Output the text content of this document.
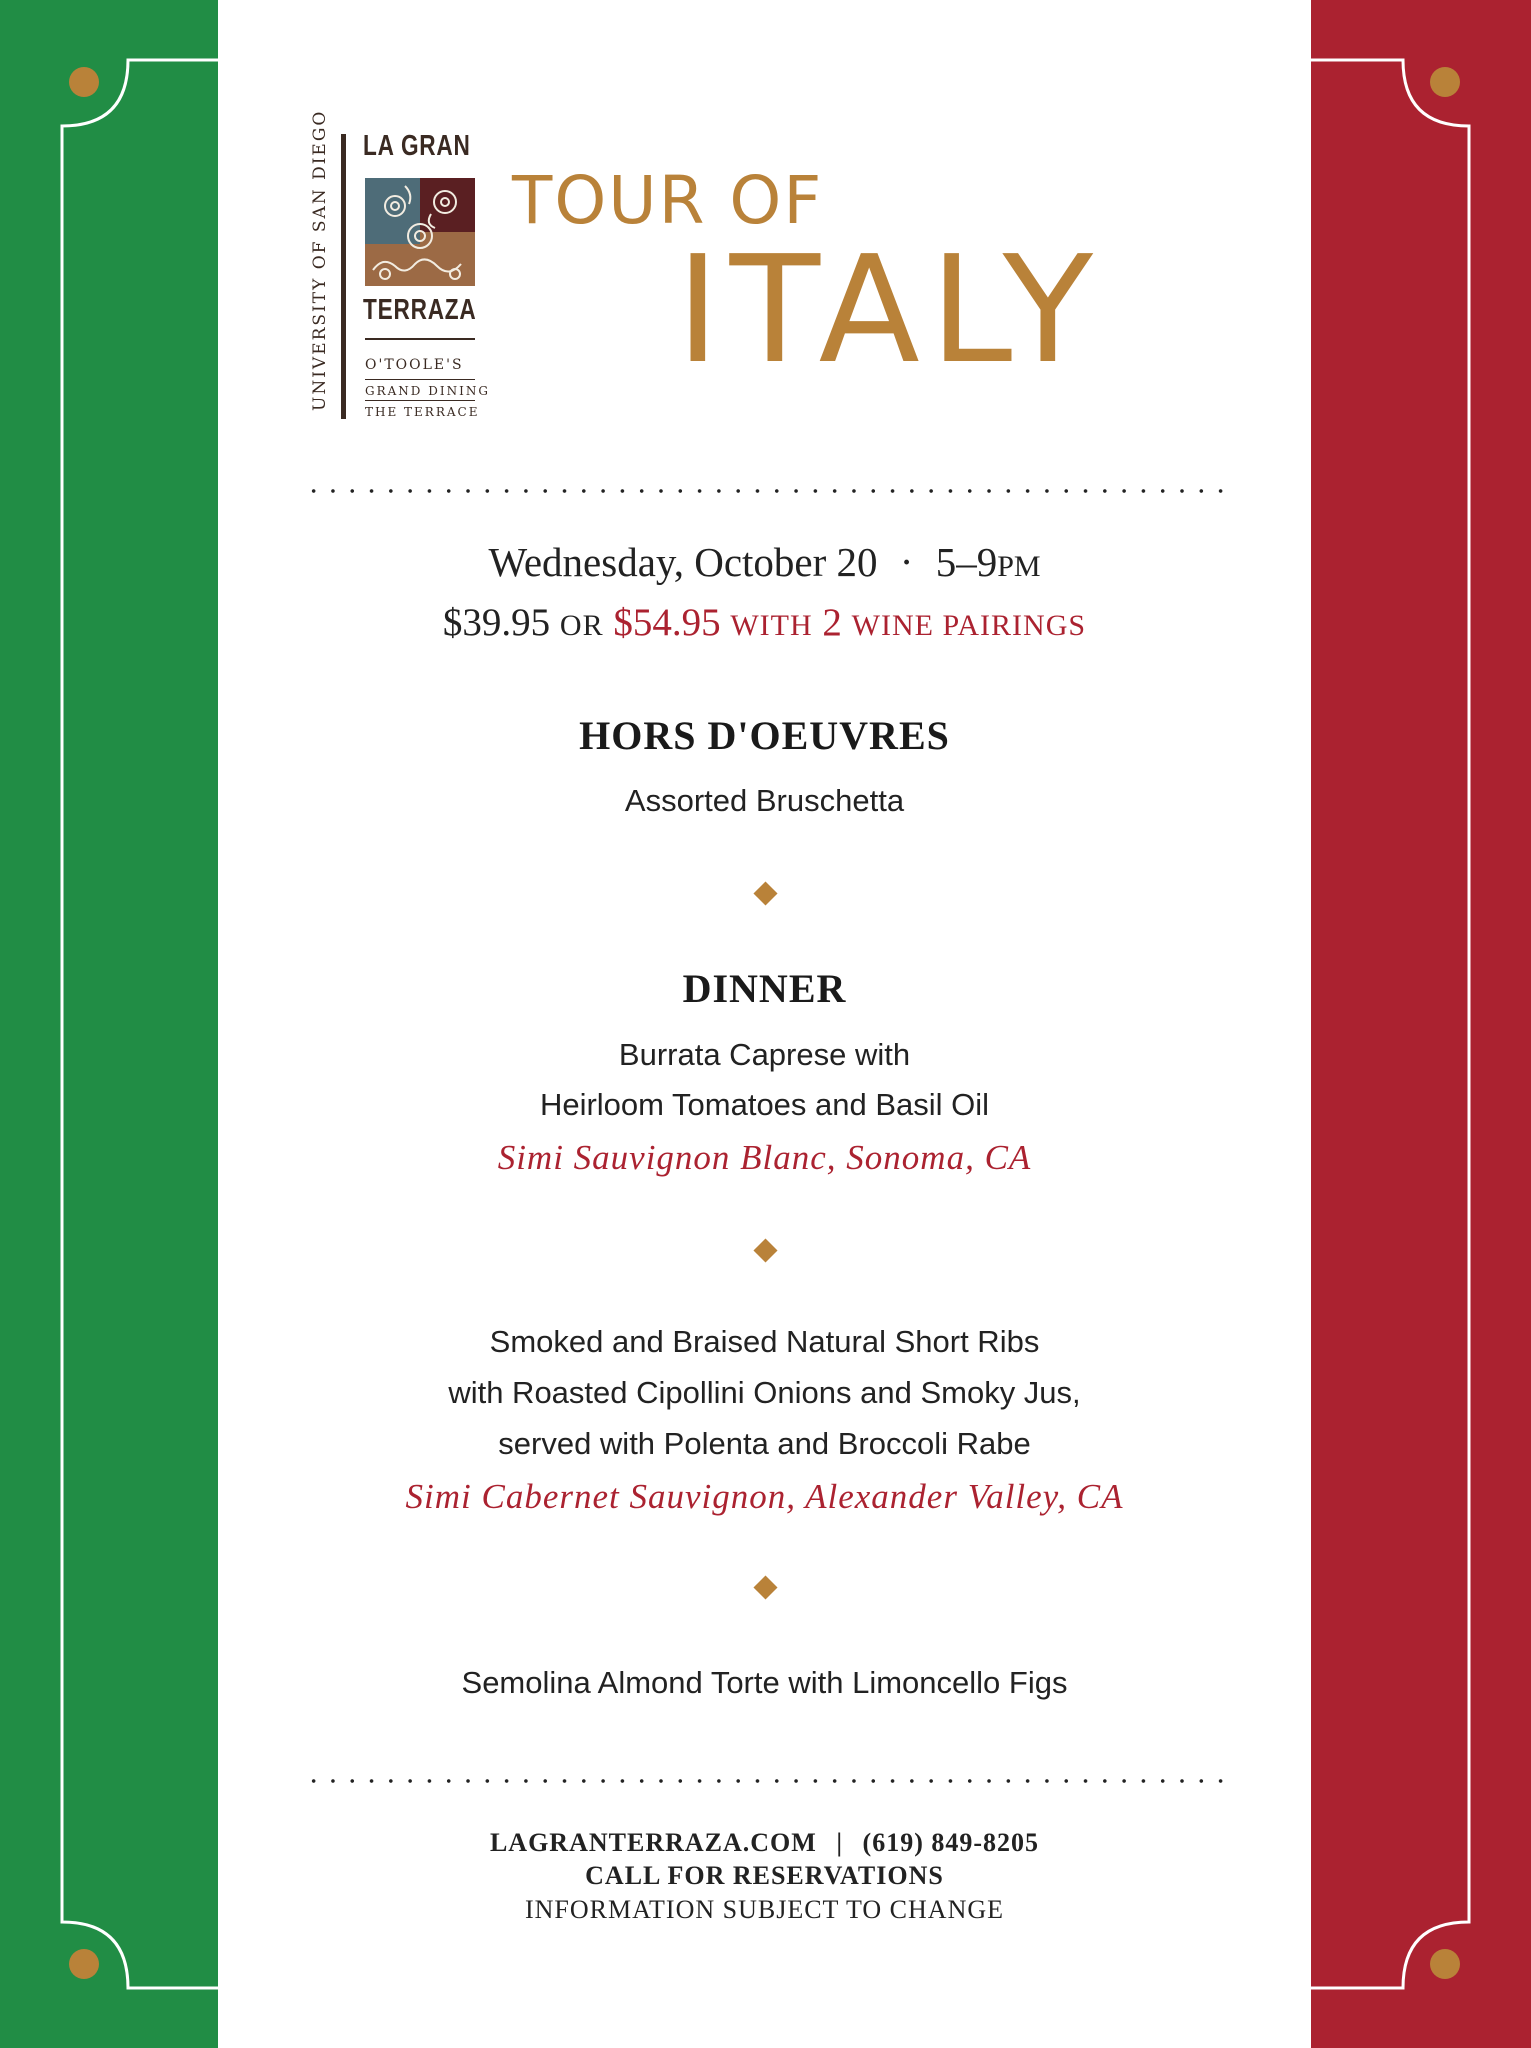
UNIVERSITY OF SAN DIEGO LA GRAN
TERRAZA
O'TOOLE'S
GRAND DINING
THE TERRACE
TOUR OF
ITALY
Wednesday, October 20 · 5–9PM
$39.95 OR $54.95 WITH 2 WINE PAIRINGS
HORS D'OEUVRES
Assorted Bruschetta
DINNER
Burrata Caprese with
Heirloom Tomatoes and Basil Oil
Simi Sauvignon Blanc, Sonoma, CA
Smoked and Braised Natural Short Ribs
with Roasted Cipollini Onions and Smoky Jus,
served with Polenta and Broccoli Rabe
Simi Cabernet Sauvignon, Alexander Valley, CA
Semolina Almond Torte with Limoncello Figs
LAGRANTERRAZA.COM | (619) 849-8205
CALL FOR RESERVATIONS
INFORMATION SUBJECT TO CHANGE
